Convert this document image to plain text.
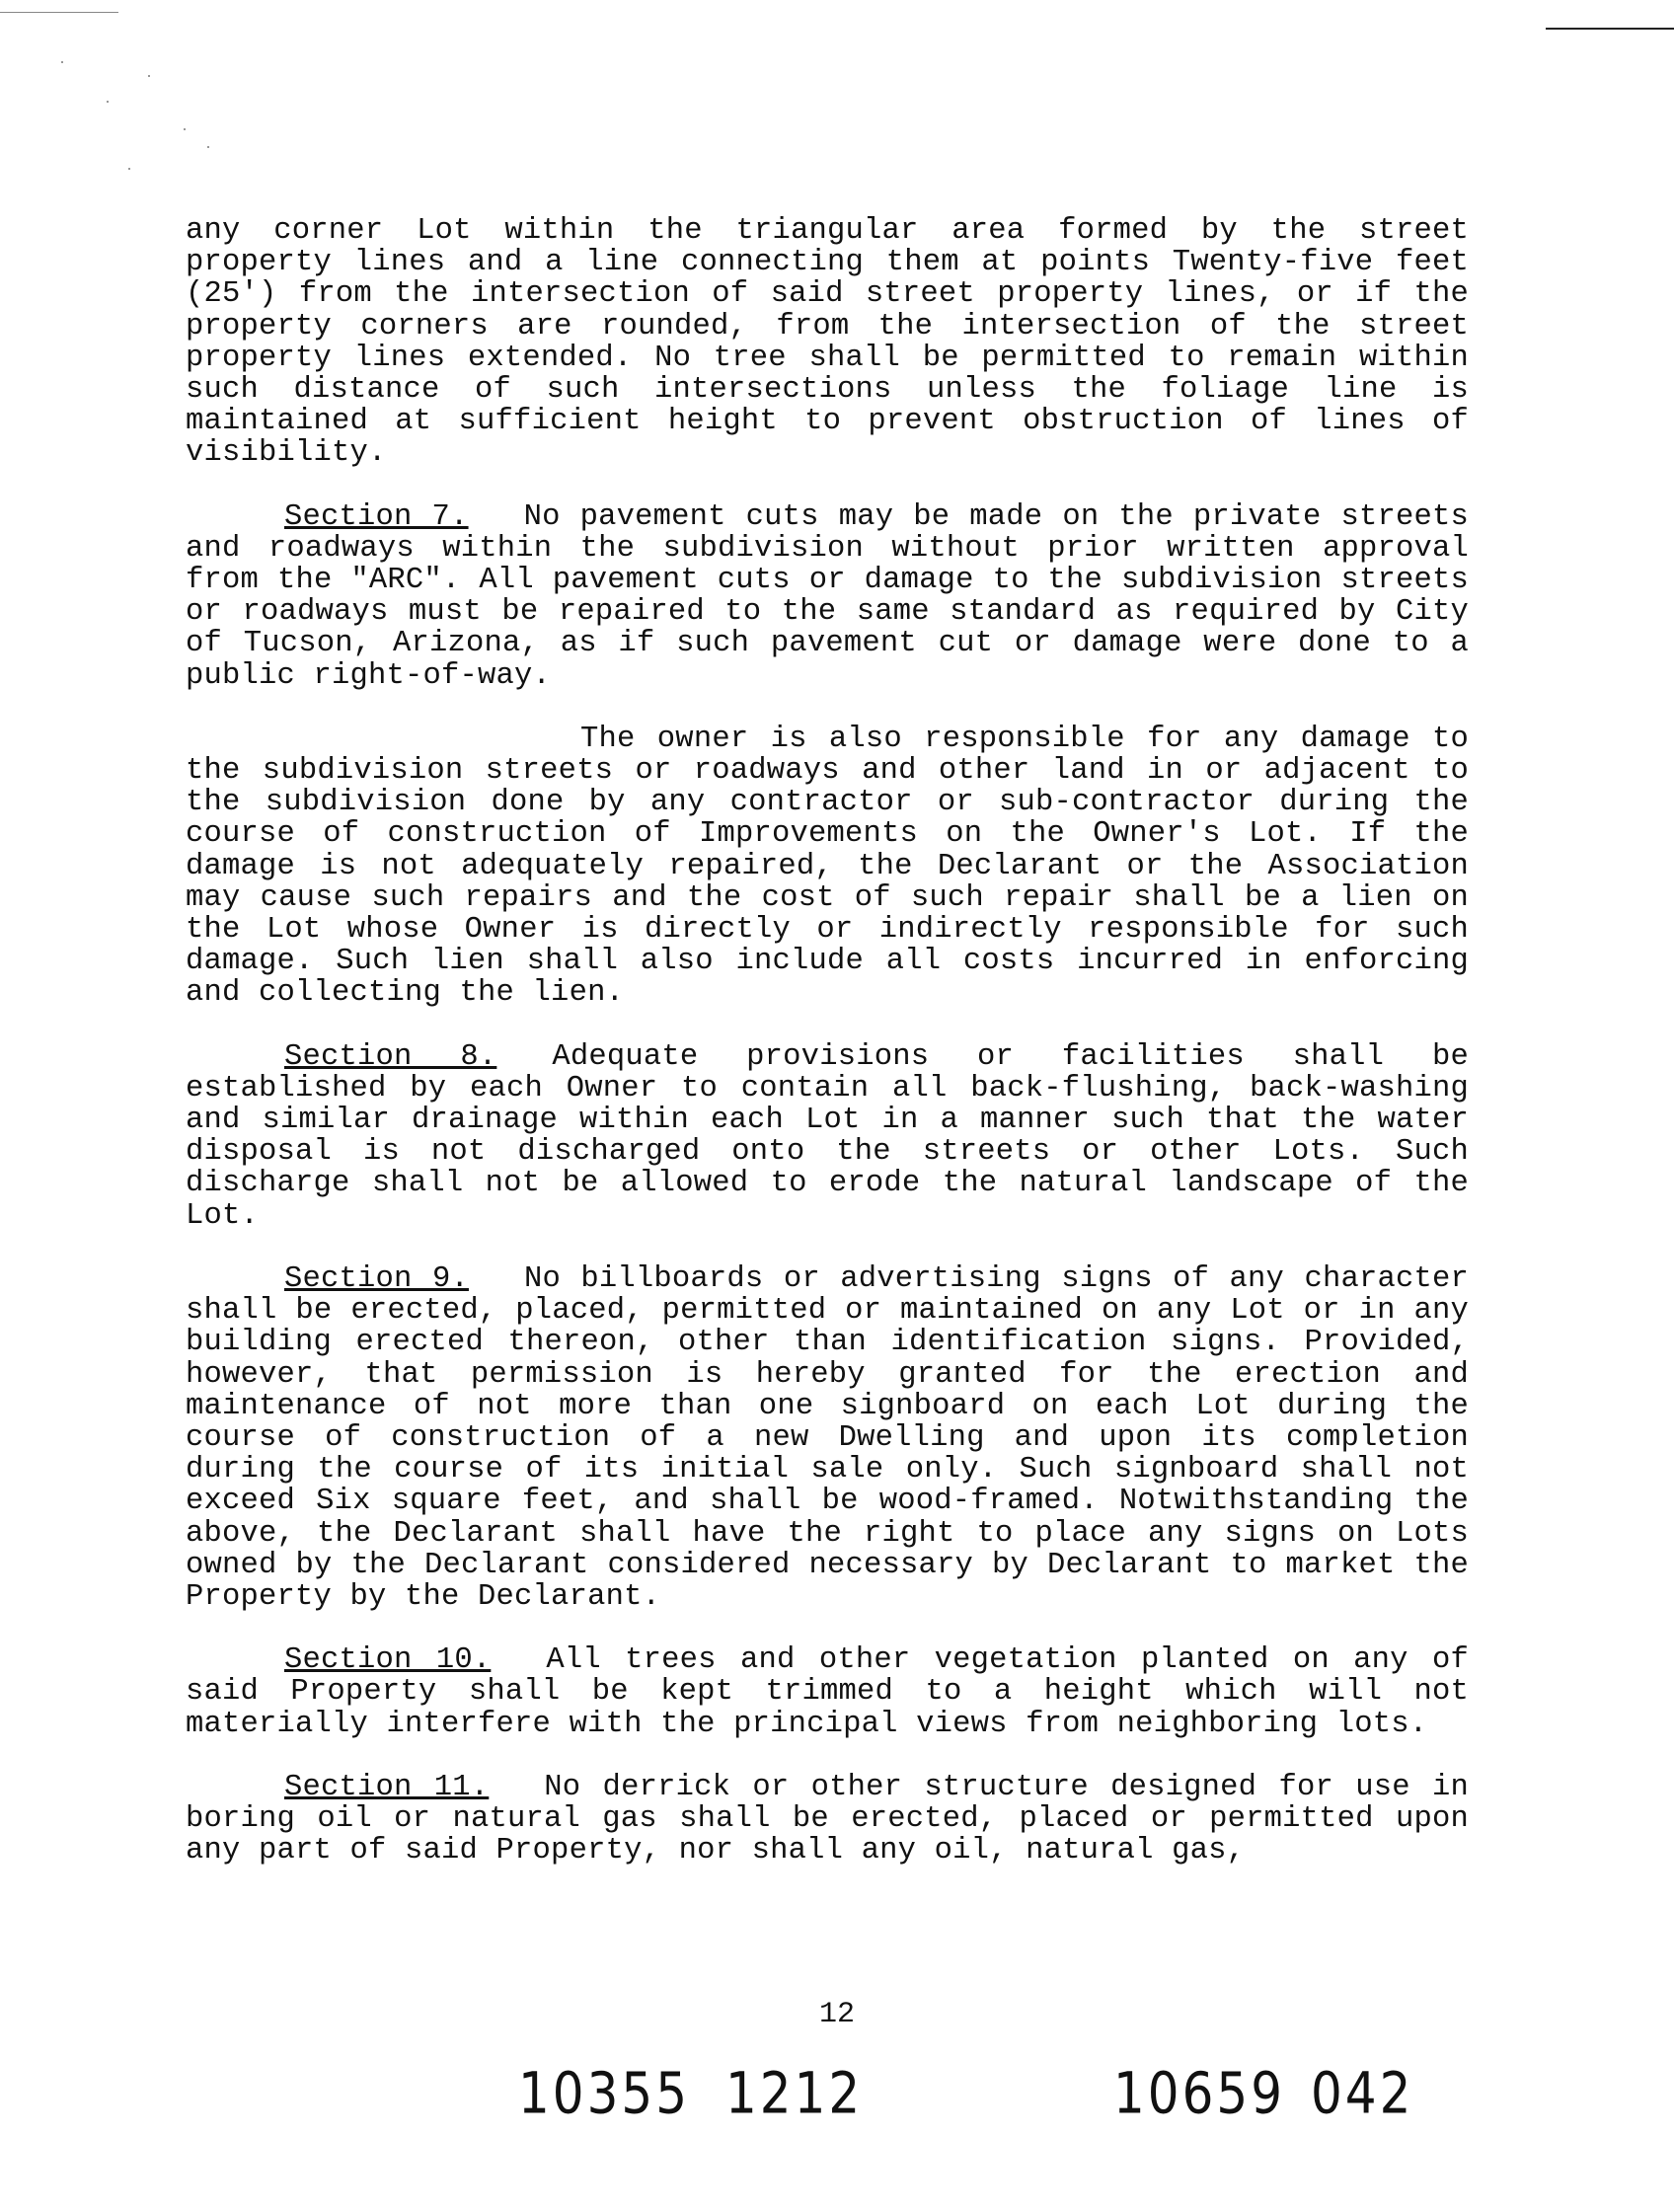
any corner Lot within the triangular area formed by the street property lines and a line connecting them at points Twenty-five feet (25') from the intersection of said street property lines, or if the property corners are rounded, from the intersection of the street property lines extended. No tree shall be permitted to remain within such distance of such intersections unless the foliage line is maintained at sufficient height to prevent obstruction of lines of visibility.

Section 7. No pavement cuts may be made on the private streets and roadways within the subdivision without prior written approval from the "ARC". All pavement cuts or damage to the subdivision streets or roadways must be repaired to the same standard as required by City of Tucson, Arizona, as if such pavement cut or damage were done to a public right-of-way.

The owner is also responsible for any damage to the subdivision streets or roadways and other land in or adjacent to the subdivision done by any contractor or sub-contractor during the course of construction of Improvements on the Owner's Lot. If the damage is not adequately repaired, the Declarant or the Association may cause such repairs and the cost of such repair shall be a lien on the Lot whose Owner is directly or indirectly responsible for such damage. Such lien shall also include all costs incurred in enforcing and collecting the lien.

Section 8. Adequate provisions or facilities shall be established by each Owner to contain all back-flushing, back-washing and similar drainage within each Lot in a manner such that the water disposal is not discharged onto the streets or other Lots. Such discharge shall not be allowed to erode the natural landscape of the Lot.

Section 9. No billboards or advertising signs of any character shall be erected, placed, permitted or maintained on any Lot or in any building erected thereon, other than identification signs. Provided, however, that permission is hereby granted for the erection and maintenance of not more than one signboard on each Lot during the course of construction of a new Dwelling and upon its completion during the course of its initial sale only. Such signboard shall not exceed Six square feet, and shall be wood-framed. Notwithstanding the above, the Declarant shall have the right to place any signs on Lots owned by the Declarant considered necessary by Declarant to market the Property by the Declarant.

Section 10. All trees and other vegetation planted on any of said Property shall be kept trimmed to a height which will not materially interfere with the principal views from neighboring lots.

Section 11. No derrick or other structure designed for use in boring oil or natural gas shall be erected, placed or permitted upon any part of said Property, nor shall any oil, natural gas,

12
10355 1212	10659 042
